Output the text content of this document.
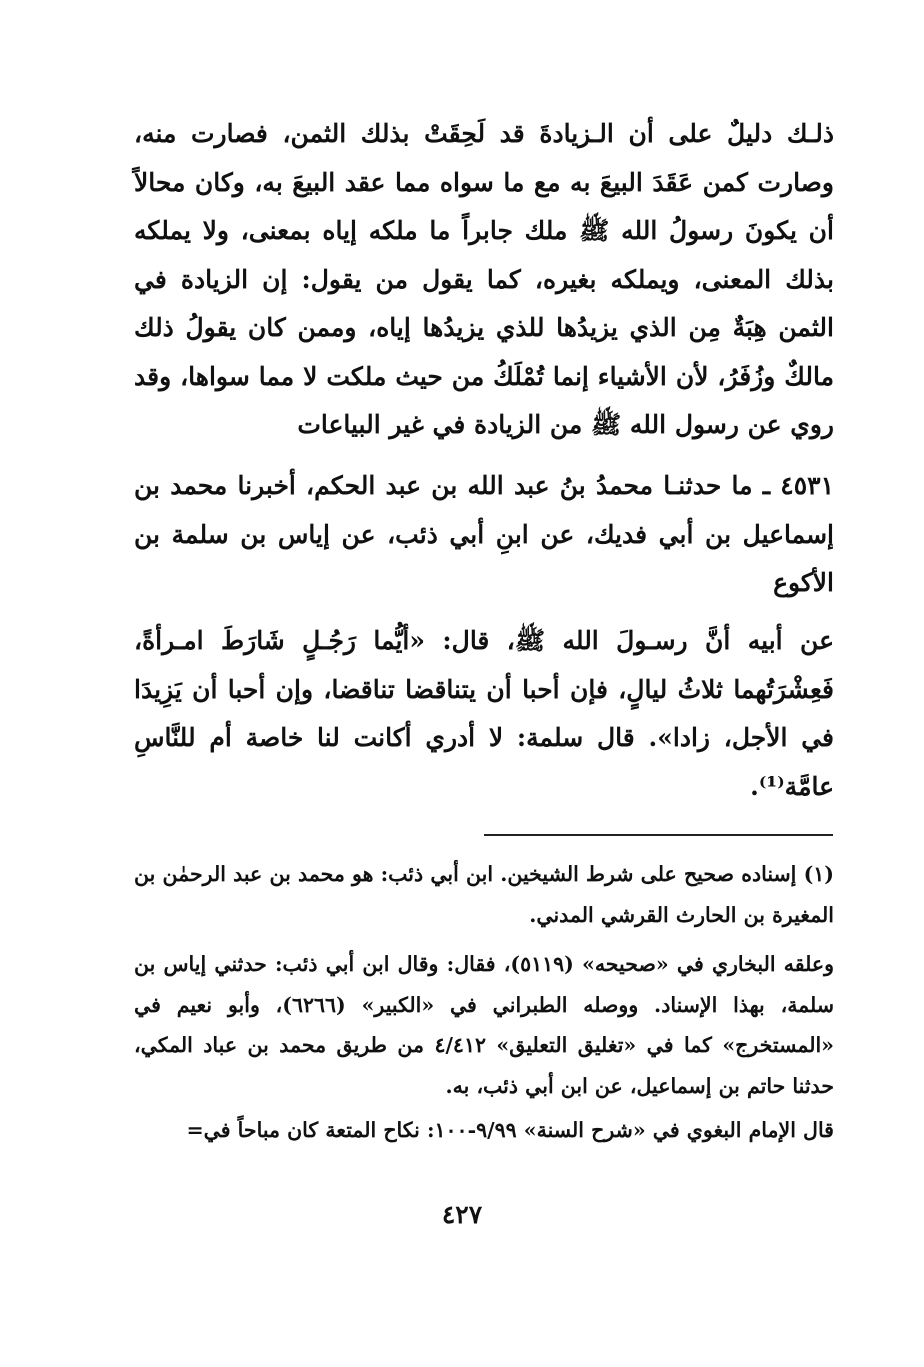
ذلـك دليلٌ على أن الـزيادةَ قد لَحِقَتْ بذلك الثمن، فصارت منه، وصارت كمن عَقَدَ البيعَ به مع ما سواه مما عقد البيعَ به، وكان محالاً أن يكونَ رسولُ الله ﷺ ملك جابراً ما ملكه إياه بمعنى، ولا يملكه بذلك المعنى، ويملكه بغيره، كما يقول من يقول: إن الزيادة في الثمن هِبَةٌ مِن الذي يزيدُها للذي يزيدُها إياه، وممن كان يقولُ ذلك مالكٌ وزُفَرُ، لأن الأشياء إنما تُمْلَكُ من حيث ملكت لا مما سواها، وقد روي عن رسول الله ﷺ من الزيادة في غير البياعات

٤٥٣١ ـ ما حدثنـا محمدُ بنُ عبد الله بن عبد الحكم، أخبرنا محمد بن إسماعيل بن أبي فديك، عن ابنِ أبي ذئب، عن إياس بن سلمة بن الأكوع

عن أبيه أنَّ رسـولَ الله ﷺ، قال: «أيُّما رَجُـلٍ شَارَطَ امـرأةً، فَعِشْرَتُهما ثلاثُ ليالٍ، فإن أحبا أن يتناقضا تناقضا، وإن أحبا أن يَزِيدَا في الأجل، زادا». قال سلمة: لا أدري أكانت لنا خاصة أم للنَّاسِ عامَّة⁽¹⁾.

(١) إسناده صحيح على شرط الشيخين. ابن أبي ذئب: هو محمد بن عبد الرحمٰن بن المغيرة بن الحارث القرشي المدني.

وعلقه البخاري في «صحيحه» (٥١١٩)، فقال: وقال ابن أبي ذئب: حدثني إياس بن سلمة، بهذا الإسناد. ووصله الطبراني في «الكبير» (٦٢٦٦)، وأبو نعيم في «المستخرج» كما في «تغليق التعليق» ٤/٤١٢ من طريق محمد بن عباد المكي، حدثنا حاتم بن إسماعيل، عن ابن أبي ذئب، به.

قال الإمام البغوي في «شرح السنة» ٩/٩٩-١٠٠: نكاح المتعة كان مباحاً في=

٤٢٧
